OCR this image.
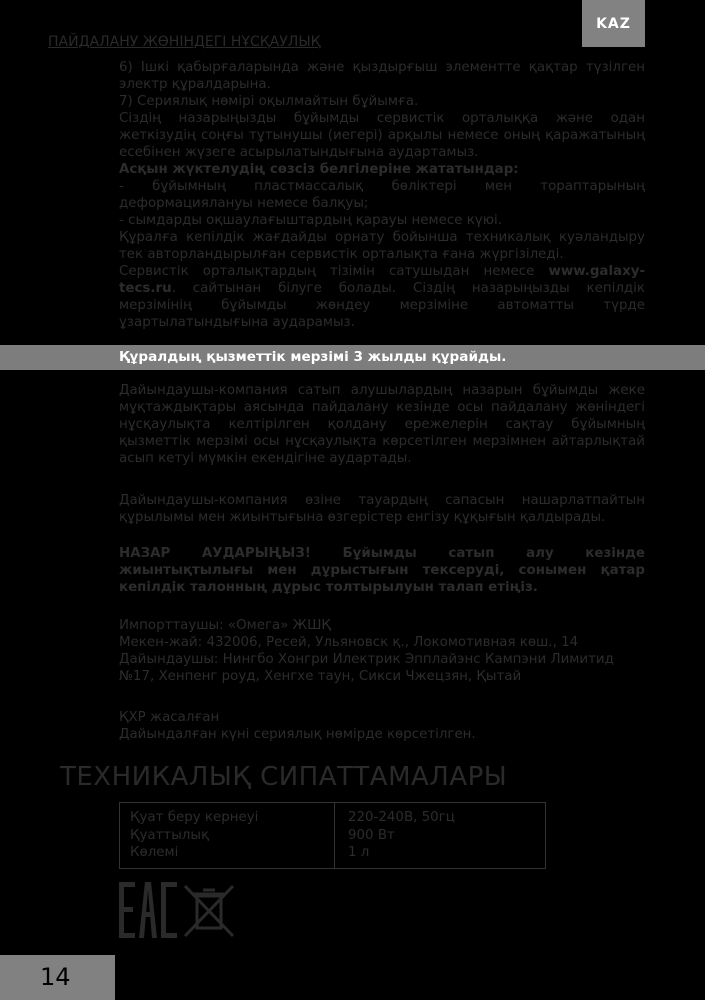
KAZ
ПАЙДАЛАНУ ЖӨНІНДЕГІ НҰСҚАУЛЫҚ

6) Ішкі қабырғаларында және қыздырғыш элементте қақтар түзілген электр құралдарына.

7) Сериялық нөмірі оқылмайтын бұйымға.

Сіздің назарыңызды бұйымды сервистік орталыққа және одан жеткізудің соңғы тұтынушы (иегері) арқылы немесе оның қаражатының есебінен жүзеге асырылатындығына аудартамыз.

Асқын жүктелудің сөзсіз белгілеріне жататындар:

- бұйымның пластмассалық бөліктері мен тораптарының деформациялануы немесе балқуы;

- сымдарды оқшаулағыштардың қарауы немесе күюі.

Құралға кепілдік жағдайды орнату бойынша техникалық куәландыру тек авторландырылған сервистік орталықта ғана жүргізіледі.

Сервистік орталықтардың тізімін сатушыдан немесе www.galaxy-tecs.ru. сайтынан білуге болады. Сіздің назарыңызды кепілдік мерзімінің бұйымды жөндеу мерзіміне автоматты түрде ұзартылатындығына аударамыз.

Құралдың қызметтік мерзімі 3 жылды құрайды.
Дайындаушы-компания сатып алушылардың назарын бұйымды жеке мұқтаждықтары аясында пайдалану кезінде осы пайдалану жөніндегі нұсқаулықта келтірілген қолдану ережелерін сақтау бұйымның қызметтік мерзімі осы нұсқаулықта көрсетілген мерзімнен айтарлықтай асып кетуі мүмкін екендігіне аудартады.
Дайындаушы-компания өзіне тауардың сапасын нашарлатпайтын құрылымы мен жиынтығына өзгерістер енгізу құқығын қалдырады.
НАЗАР АУДАРЫҢЫЗ! Бұйымды сатып алу кезінде жиынтықтылығы мен дұрыстығын тексеруді, сонымен қатар кепілдік талонның дұрыс толтырылуын талап етіңіз.

Импорттаушы: «Омега» ЖШҚ

Мекен-жай: 432006, Ресей, Ульяновск қ., Локомотивная көш., 14

Дайындаушы: Нингбо Хонгри Илектрик Эпплайэнс Кампэни Лимитид №17, Хенпенг роуд, Хенгхе таун, Сикси Чжецзян, Қытай

ҚХР жасалған

Дайындалған күні сериялық нөмірде көрсетілген.

ТЕХНИКАЛЫҚ СИПАТТАМАЛАРЫ
Қуат беру кернеуі
Қуаттылық
Көлемі
220-240В, 50гц
900 Вт
1 л
14
